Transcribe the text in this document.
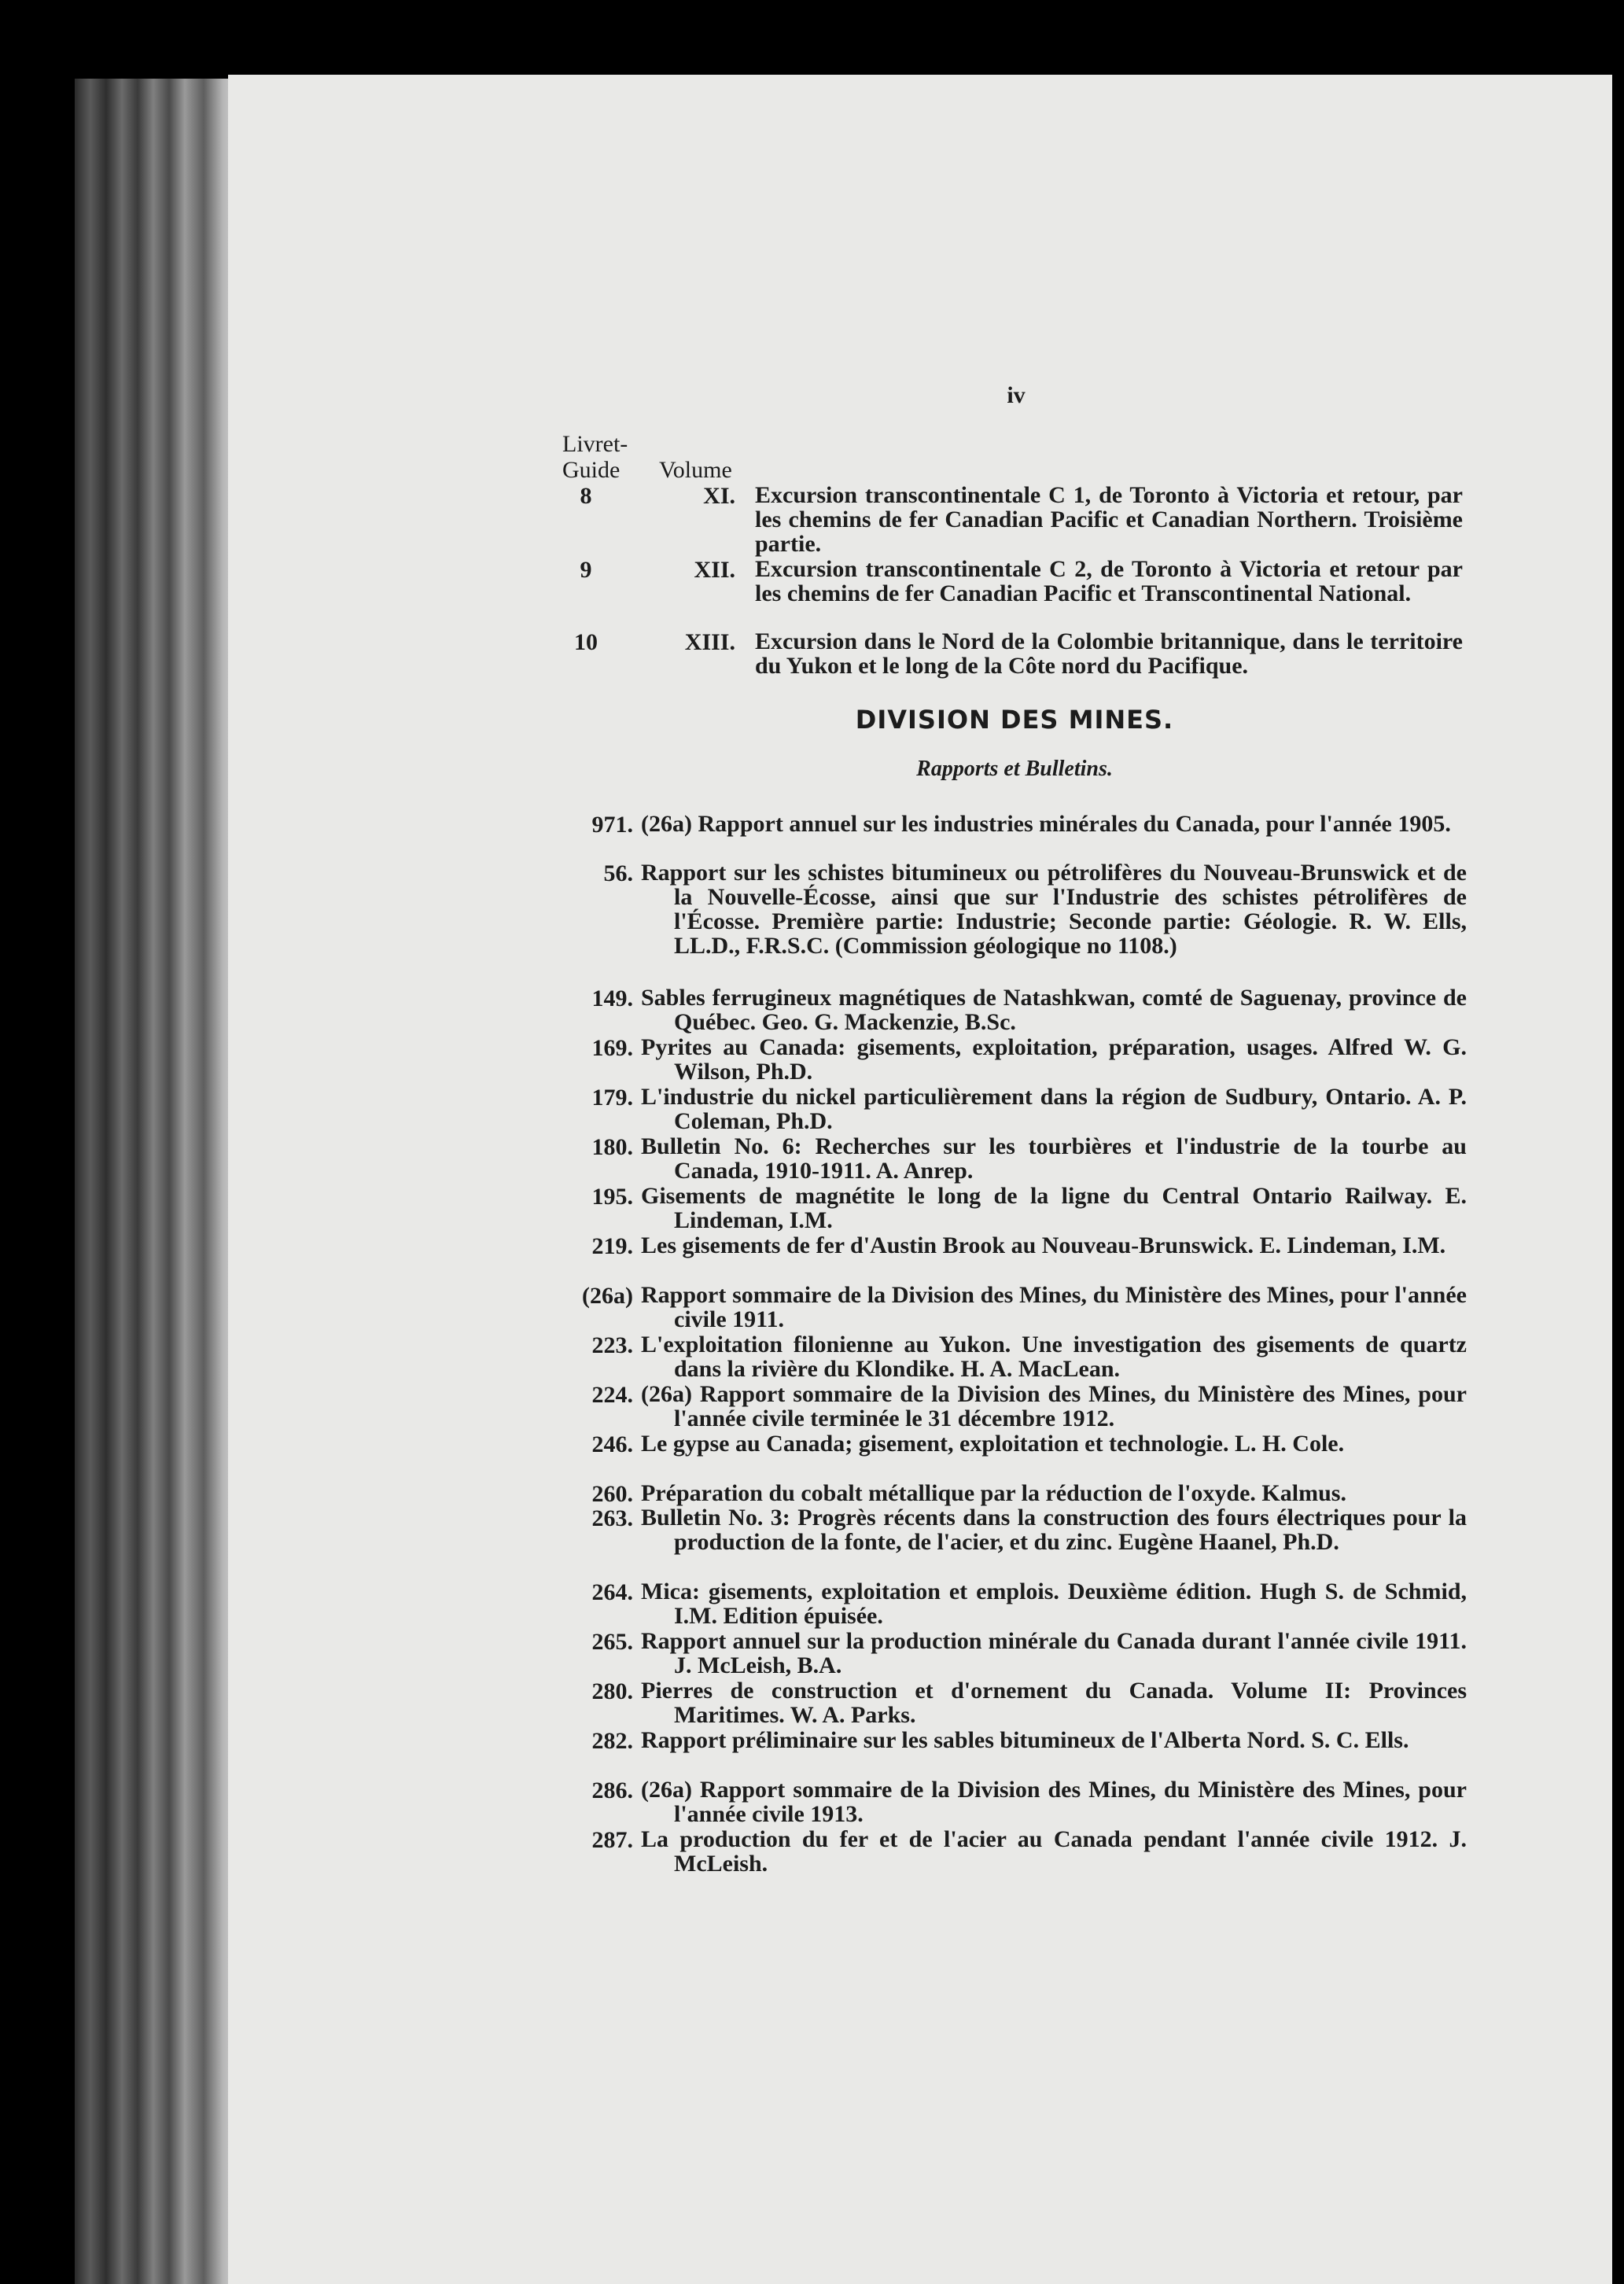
iv
Livret-
Guide Volume
8	XI. Excursion transcontinentale C 1, de Toronto à Victoria et retour, par les chemins de fer Canadian Pacific et Canadian Northern. Troisième partie.
9	XII. Excursion transcontinentale C 2, de Toronto à Victoria et retour par les chemins de fer Canadian Pacific et Transcontinental National.
10	XIII. Excursion dans le Nord de la Colombie britannique, dans le territoire du Yukon et le long de la Côte nord du Pacifique.
DIVISION DES MINES.
Rapports et Bulletins.
971. (26a) Rapport annuel sur les industries minérales du Canada, pour l'année 1905.
56. Rapport sur les schistes bitumineux ou pétrolifères du Nouveau-Brunswick et de la Nouvelle-Écosse, ainsi que sur l'Industrie des schistes pétrolifères de l'Écosse. Première partie: Industrie; Seconde partie: Géologie. R. W. Ells, LL.D., F.R.S.C. (Commission géologique no 1108.)
149. Sables ferrugineux magnétiques de Natashkwan, comté de Saguenay, province de Québec. Geo. G. Mackenzie, B.Sc.
169. Pyrites au Canada: gisements, exploitation, préparation, usages. Alfred W. G. Wilson, Ph.D.
179. L'industrie du nickel particulièrement dans la région de Sudbury, Ontario. A. P. Coleman, Ph.D.
180. Bulletin No. 6: Recherches sur les tourbières et l'industrie de la tourbe au Canada, 1910-1911. A. Anrep.
195. Gisements de magnétite le long de la ligne du Central Ontario Railway. E. Lindeman, I.M.
219. Les gisements de fer d'Austin Brook au Nouveau-Brunswick. E. Lindeman, I.M.
(26a) Rapport sommaire de la Division des Mines, du Ministère des Mines, pour l'année civile 1911.
223. L'exploitation filonienne au Yukon. Une investigation des gisements de quartz dans la rivière du Klondike. H. A. MacLean.
224. (26a) Rapport sommaire de la Division des Mines, du Ministère des Mines, pour l'année civile terminée le 31 décembre 1912.
246. Le gypse au Canada; gisement, exploitation et technologie. L. H. Cole.
260. Préparation du cobalt métallique par la réduction de l'oxyde. Kalmus.
263. Bulletin No. 3: Progrès récents dans la construction des fours électriques pour la production de la fonte, de l'acier, et du zinc. Eugène Haanel, Ph.D.
264. Mica: gisements, exploitation et emplois. Deuxième édition. Hugh S. de Schmid, I.M. Edition épuisée.
265. Rapport annuel sur la production minérale du Canada durant l'année civile 1911. J. McLeish, B.A.
280. Pierres de construction et d'ornement du Canada. Volume II: Provinces Maritimes. W. A. Parks.
282. Rapport préliminaire sur les sables bitumineux de l'Alberta Nord. S. C. Ells.
286. (26a) Rapport sommaire de la Division des Mines, du Ministère des Mines, pour l'année civile 1913.
287. La production du fer et de l'acier au Canada pendant l'année civile 1912. J. McLeish.
